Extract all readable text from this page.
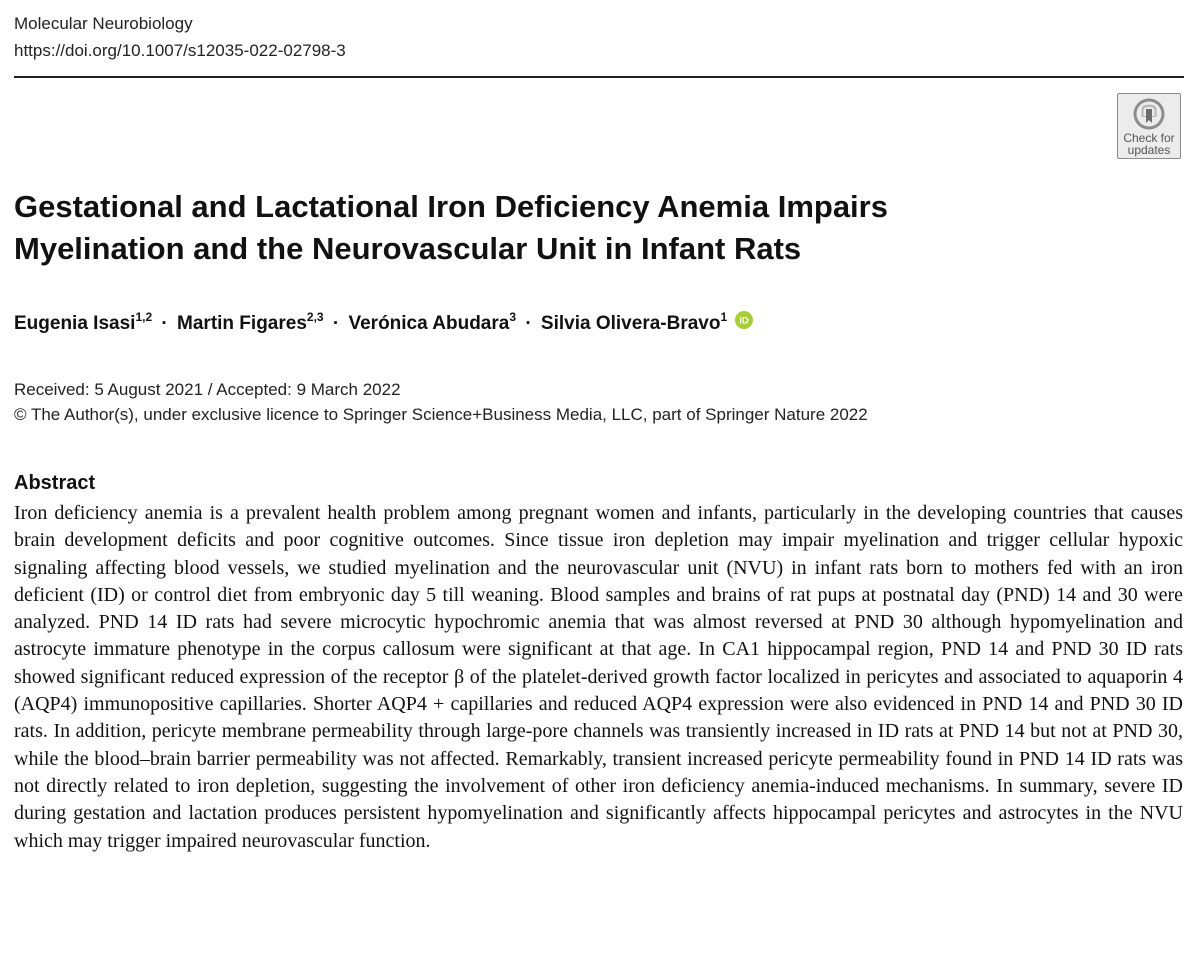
Molecular Neurobiology
https://doi.org/10.1007/s12035-022-02798-3
Check for
updates
Gestational and Lactational Iron Deficiency Anemia Impairs
Myelination and the Neurovascular Unit in Infant Rats
Eugenia Isasi$^{1,2}$ · Martin Figares$^{2,3}$ · Verónica Abudara$^3$ · Silvia Olivera-Bravo$^1$ iD
Received: 5 August 2021 / Accepted: 9 March 2022
© The Author(s), under exclusive licence to Springer Science+Business Media, LLC, part of Springer Nature 2022
Abstract

Iron deficiency anemia is a prevalent health problem among pregnant women and infants, particularly in the developing countries that causes brain development deficits and poor cognitive outcomes. Since tissue iron depletion may impair myelination and trigger cellular hypoxic signaling affecting blood vessels, we studied myelination and the neurovascular unit (NVU) in infant rats born to mothers fed with an iron deficient (ID) or control diet from embryonic day 5 till weaning. Blood samples and brains of rat pups at postnatal day (PND) 14 and 30 were analyzed. PND 14 ID rats had severe microcytic hypochromic anemia that was almost reversed at PND 30 although hypomyelination and astrocyte immature phenotype in the corpus callosum were significant at that age. In CA1 hippocampal region, PND 14 and PND 30 ID rats showed significant reduced expression of the receptor β of the platelet-derived growth factor localized in pericytes and associated to aquaporin 4 (AQP4) immunopositive capillaries. Shorter AQP4 + capillaries and reduced AQP4 expression were also evidenced in PND 14 and PND 30 ID rats. In addition, pericyte membrane permeability through large-pore channels was transiently increased in ID rats at PND 14 but not at PND 30, while the blood–brain barrier permeability was not affected. Remarkably, transient increased pericyte permeability found in PND 14 ID rats was not directly related to iron depletion, suggesting the involvement of other iron deficiency anemia-induced mechanisms. In summary, severe ID during gestation and lactation produces persistent hypomyelination and significantly affects hippocampal pericytes and astrocytes in the NVU which may trigger impaired neurovascular function.
